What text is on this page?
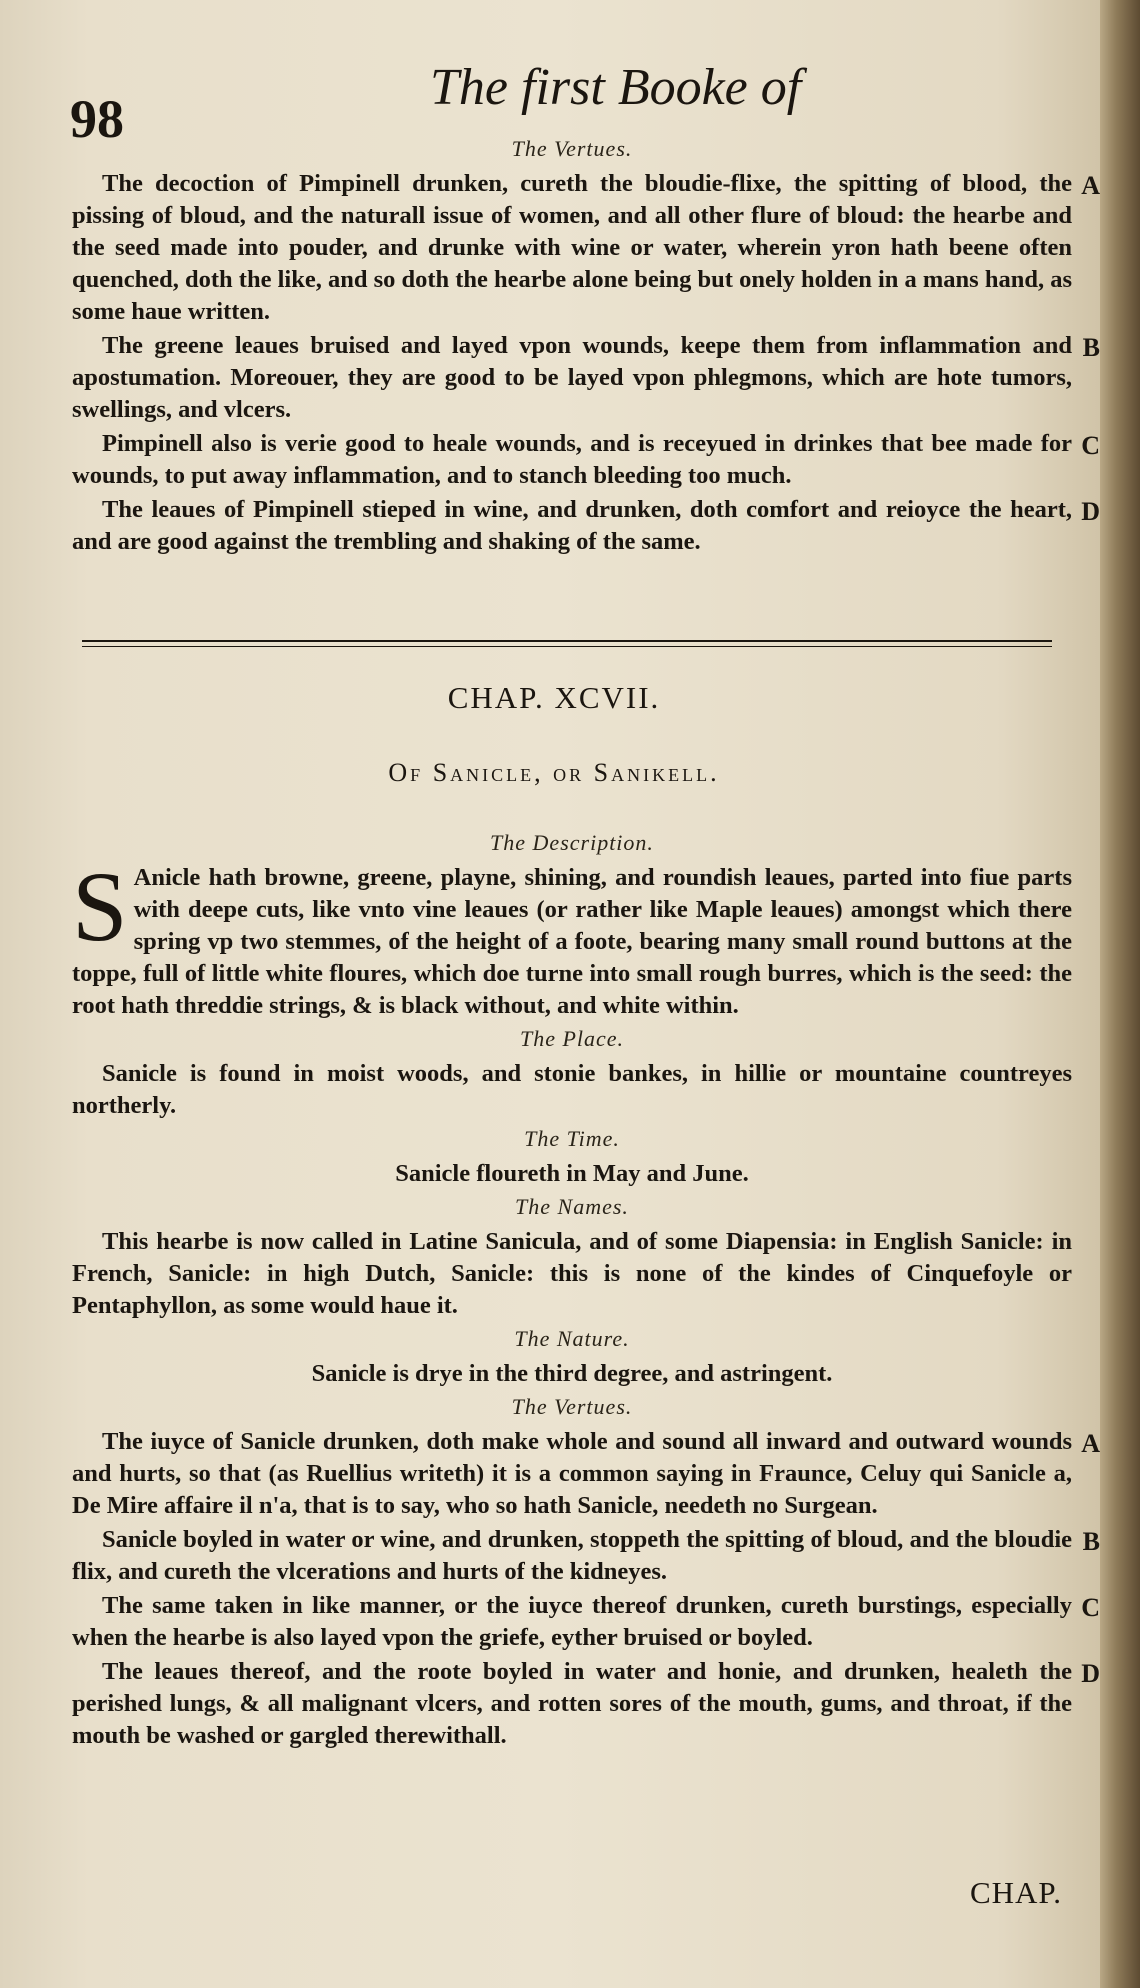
98
The first Booke of
The Vertues.
The decoction of Pimpinell drunken, cureth the bloudie-flixe, the spitting of blood, the pissing of bloud, and the naturall issue of women, and all other flure of bloud: the hearbe and the seed made into pouder, and drunke with wine or water, wherein yron hath beene often quenched, doth the like, and so doth the hearbe alone being but onely holden in a mans hand, as some haue written.
A
The greene leaues bruised and layed vpon wounds, keepe them from inflammation and apostumation. Moreouer, they are good to be layed vpon phlegmons, which are hote tumors, swellings, and vlcers.
B
Pimpinell also is verie good to heale wounds, and is receyued in drinkes that bee made for wounds, to put away inflammation, and to stanch bleeding too much.
C
The leaues of Pimpinell stieped in wine, and drunken, doth comfort and reioyce the heart, and are good against the trembling and shaking of the same.
D
CHAP. XCVII.
Of Sanicle, or Sanikell.
The Description.
S Anicle hath browne, greene, playne, shining, and roundish leaues, parted into fiue parts with deepe cuts, like vnto vine leaues (or rather like Maple leaues) amongst which there spring vp two stemmes, of the height of a foote, bearing many small round buttons at the toppe, full of little white floures, which doe turne into small rough burres, which is the seed: the root hath threddie strings, & is black without, and white within.
The Place.
Sanicle is found in moist woods, and stonie bankes, in hillie or mountaine countreyes northerly.
The Time.
Sanicle floureth in May and June.
The Names.
This hearbe is now called in Latine Sanicula, and of some Diapensia: in English Sanicle: in French, Sanicle: in high Dutch, Sanicle: this is none of the kindes of Cinquefoyle or Pentaphyllon, as some would haue it.
The Nature.
Sanicle is drye in the third degree, and astringent.
The Vertues.
The iuyce of Sanicle drunken, doth make whole and sound all inward and outward wounds and hurts, so that (as Ruellius writeth) it is a common saying in Fraunce, Celuy qui Sanicle a, De Mire affaire il n'a, that is to say, who so hath Sanicle, needeth no Surgean.
A
Sanicle boyled in water or wine, and drunken, stoppeth the spitting of bloud, and the bloudie flix, and cureth the vlcerations and hurts of the kidneyes.
B
The same taken in like manner, or the iuyce thereof drunken, cureth burstings, especially when the hearbe is also layed vpon the griefe, eyther bruised or boyled.
C
The leaues thereof, and the roote boyled in water and honie, and drunken, healeth the perished lungs, & all malignant vlcers, and rotten sores of the mouth, gums, and throat, if the mouth be washed or gargled therewithall.
D
CHAP.
